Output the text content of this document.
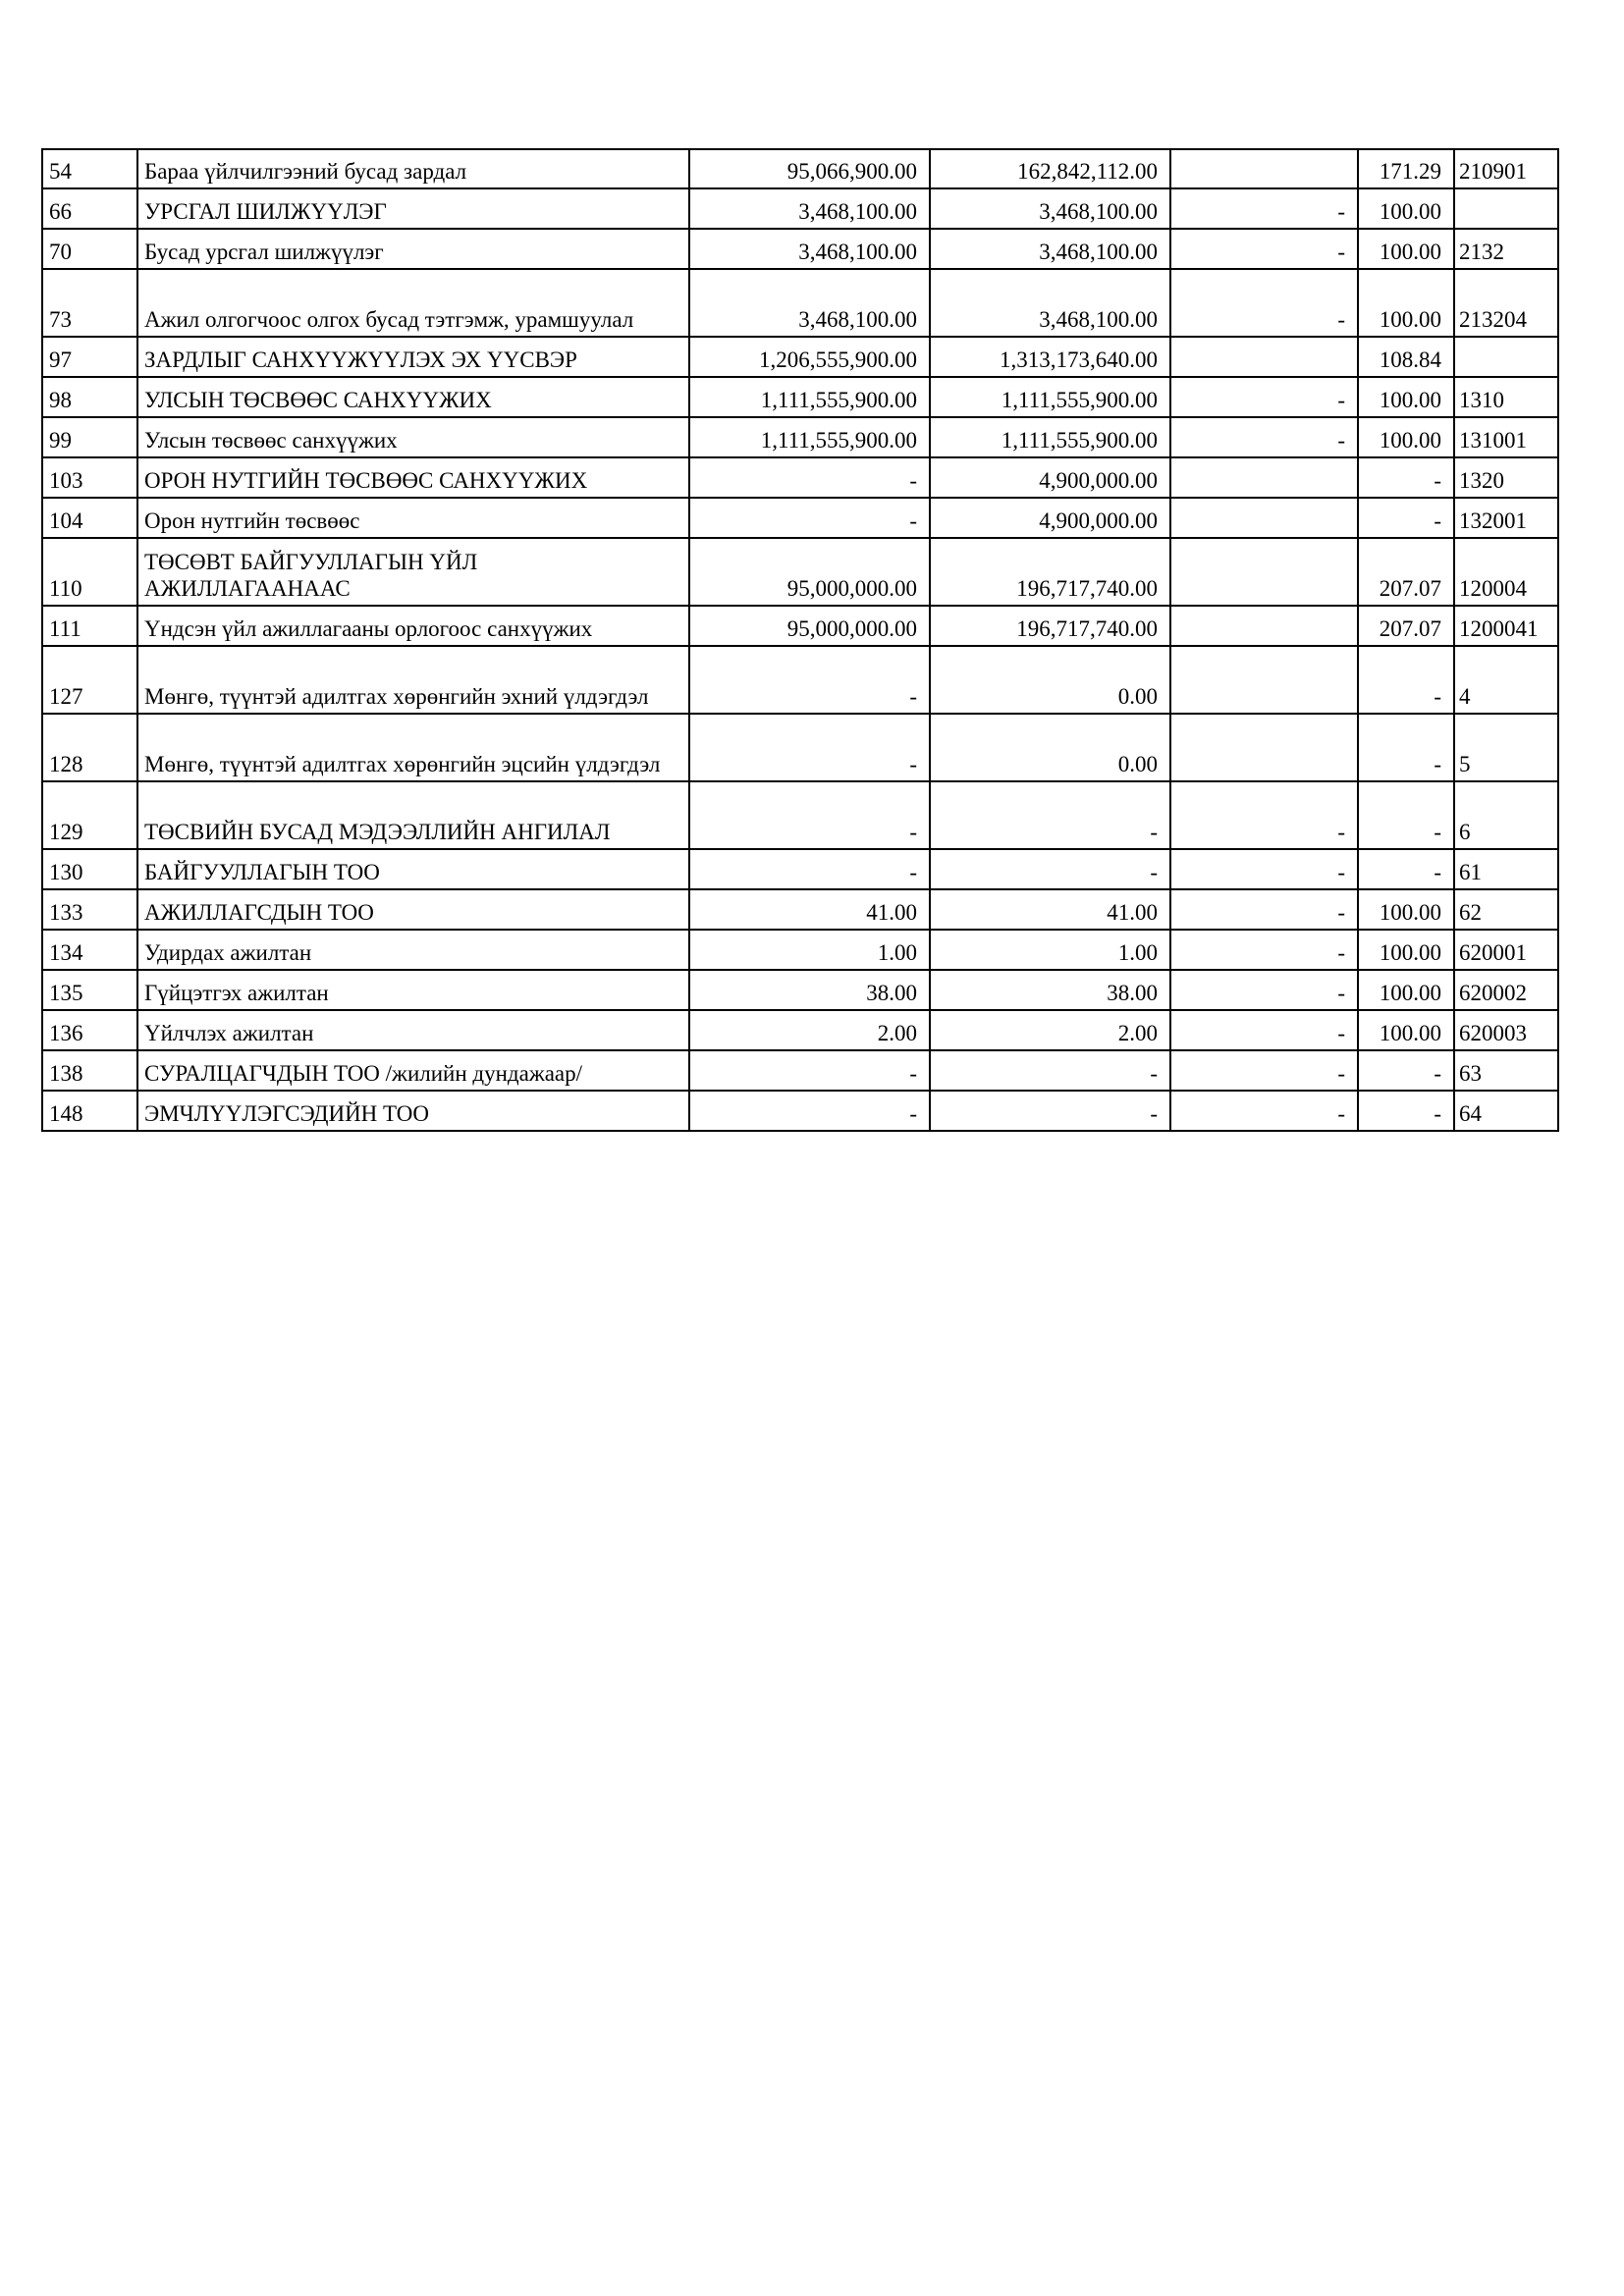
54	Бараа үйлчилгээний бусад зардал	95,066,900.00	162,842,112.00		171.29	210901
66	УРСГАЛ ШИЛЖҮҮЛЭГ	3,468,100.00	3,468,100.00	-	100.00	
70	Бусад урсгал шилжүүлэг	3,468,100.00	3,468,100.00	-	100.00	2132
73	Ажил олгогчоос олгох бусад тэтгэмж, урамшуулал	3,468,100.00	3,468,100.00	-	100.00	213204
97	ЗАРДЛЫГ САНХҮҮЖҮҮЛЭХ ЭХ ҮҮСВЭР	1,206,555,900.00	1,313,173,640.00		108.84	
98	УЛСЫН ТӨСВӨӨС САНХҮҮЖИХ	1,111,555,900.00	1,111,555,900.00	-	100.00	1310
99	Улсын төсвөөс санхүүжих	1,111,555,900.00	1,111,555,900.00	-	100.00	131001
103	ОРОН НУТГИЙН ТӨСВӨӨС САНХҮҮЖИХ	-	4,900,000.00		-	1320
104	Орон нутгийн төсвөөс	-	4,900,000.00		-	132001
110	ТӨСӨВТ БАЙГУУЛЛАГЫН ҮЙЛ АЖИЛЛАГААНААС	95,000,000.00	196,717,740.00		207.07	120004
111	Үндсэн үйл ажиллагааны орлогоос санхүүжих	95,000,000.00	196,717,740.00		207.07	1200041
127	Мөнгө, түүнтэй адилтгах хөрөнгийн эхний үлдэгдэл	-	0.00		-	4
128	Мөнгө, түүнтэй адилтгах хөрөнгийн эцсийн үлдэгдэл	-	0.00		-	5
129	ТӨСВИЙН БУСАД МЭДЭЭЛЛИЙН АНГИЛАЛ	-	-	-	-	6
130	БАЙГУУЛЛАГЫН ТОО	-	-	-	-	61
133	АЖИЛЛАГСДЫН ТОО	41.00	41.00	-	100.00	62
134	Удирдах ажилтан	1.00	1.00	-	100.00	620001
135	Гүйцэтгэх ажилтан	38.00	38.00	-	100.00	620002
136	Үйлчлэх ажилтан	2.00	2.00	-	100.00	620003
138	СУРАЛЦАГЧДЫН ТОО /жилийн дундажаар/	-	-	-	-	63
148	ЭМЧЛҮҮЛЭГСЭДИЙН ТОО	-	-	-	-	64
